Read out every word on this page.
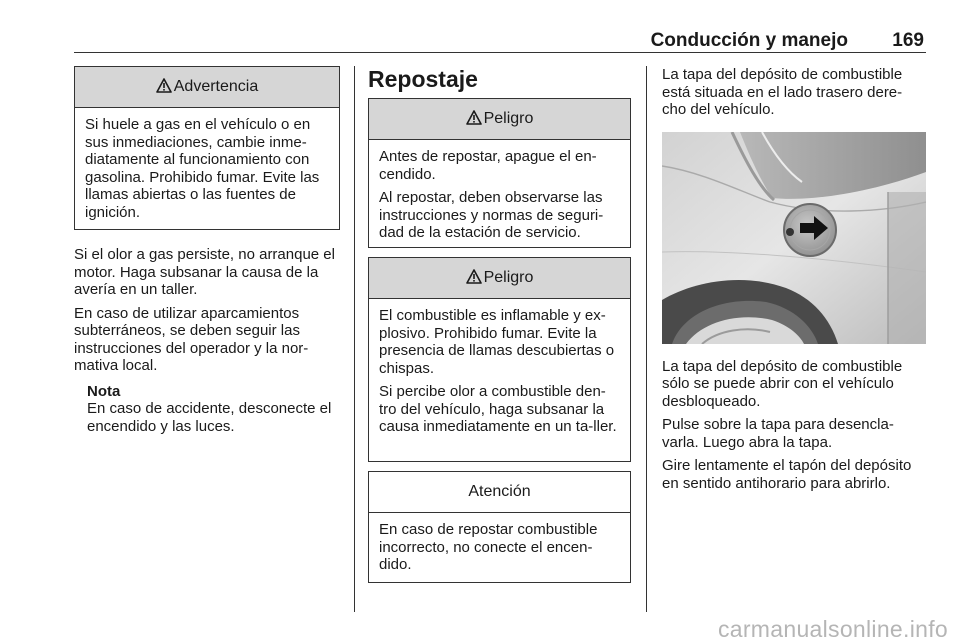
Conducción y manejo 169
Advertencia

Si huele a gas en el vehículo o en sus inmediaciones, cambie inme-diatamente al funcionamiento con gasolina. Prohibido fumar. Evite las llamas abiertas o las fuentes de ignición.

Si el olor a gas persiste, no arranque el motor. Haga subsanar la causa de la avería en un taller.

En caso de utilizar aparcamientos subterráneos, se deben seguir las instrucciones del operador y la nor-mativa local.

Nota

En caso de accidente, desconecte el encendido y las luces.

Repostaje
Peligro

Antes de repostar, apague el en-cendido.

Al repostar, deben observarse las instrucciones y normas de seguri-dad de la estación de servicio.

Peligro

El combustible es inflamable y ex-plosivo. Prohibido fumar. Evite la presencia de llamas descubiertas o chispas.

Si percibe olor a combustible den-tro del vehículo, haga subsanar la causa inmediatamente en un ta-ller.

Atención

En caso de repostar combustible incorrecto, no conecte el encen-dido.

La tapa del depósito de combustible está situada en el lado trasero dere-cho del vehículo.

La tapa del depósito de combustible sólo se puede abrir con el vehículo desbloqueado.

Pulse sobre la tapa para desencla-varla. Luego abra la tapa.

Gire lentamente el tapón del depósito en sentido antihorario para abrirlo.

carmanualsonline.info
